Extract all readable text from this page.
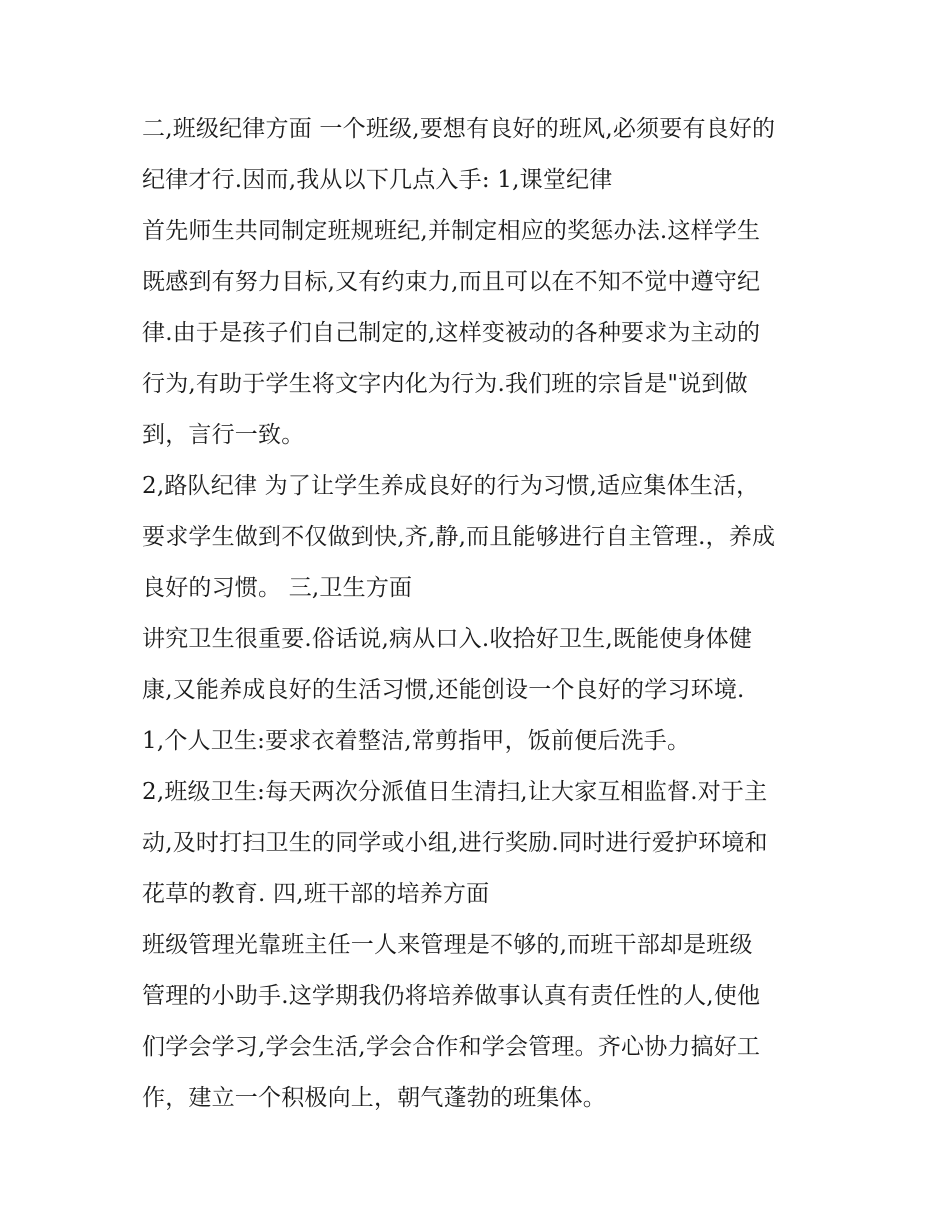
二,班级纪律方面 一个班级,要想有良好的班风,必须要有良好的
纪律才行.因而,我从以下几点入手: 1,课堂纪律
首先师生共同制定班规班纪,并制定相应的奖惩办法.这样学生
既感到有努力目标,又有约束力,而且可以在不知不觉中遵守纪
律.由于是孩子们自己制定的,这样变被动的各种要求为主动的
行为,有助于学生将文字内化为行为.我们班的宗旨是"说到做
到，言行一致。
2,路队纪律 为了让学生养成良好的行为习惯,适应集体生活，
要求学生做到不仅做到快,齐,静,而且能够进行自主管理.，养成
良好的习惯。 三,卫生方面
讲究卫生很重要.俗话说,病从口入.收拾好卫生,既能使身体健
康,又能养成良好的生活习惯,还能创设一个良好的学习环境.
1,个人卫生:要求衣着整洁,常剪指甲，饭前便后洗手。
2,班级卫生:每天两次分派值日生清扫,让大家互相监督.对于主
动,及时打扫卫生的同学或小组,进行奖励.同时进行爱护环境和
花草的教育. 四,班干部的培养方面
班级管理光靠班主任一人来管理是不够的,而班干部却是班级
管理的小助手.这学期我仍将培养做事认真有责任性的人,使他
们学会学习,学会生活,学会合作和学会管理。齐心协力搞好工
作，建立一个积极向上，朝气蓬勃的班集体。
